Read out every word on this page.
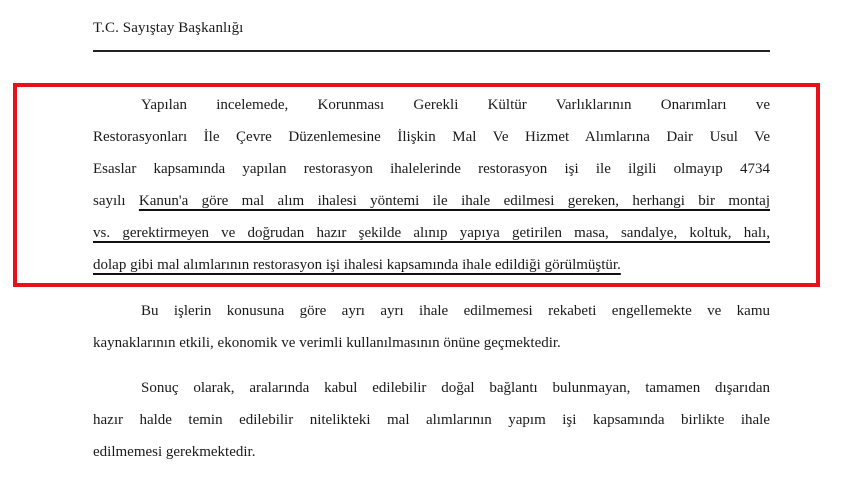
T.C. Sayıştay Başkanlığı
Yapılan incelemede, Korunması Gerekli Kültür Varlıklarının Onarımları ve
Restorasyonları İle Çevre Düzenlemesine İlişkin Mal Ve Hizmet Alımlarına Dair Usul Ve
Esaslar kapsamında yapılan restorasyon ihalelerinde restorasyon işi ile ilgili olmayıp 4734
sayılı Kanun'a göre mal alım ihalesi yöntemi ile ihale edilmesi gereken, herhangi bir montaj
vs. gerektirmeyen ve doğrudan hazır şekilde alınıp yapıya getirilen masa, sandalye, koltuk, halı,
dolap gibi mal alımlarının restorasyon işi ihalesi kapsamında ihale edildiği görülmüştür.
Bu işlerin konusuna göre ayrı ayrı ihale edilmemesi rekabeti engellemekte ve kamu
kaynaklarının etkili, ekonomik ve verimli kullanılmasının önüne geçmektedir.
Sonuç olarak, aralarında kabul edilebilir doğal bağlantı bulunmayan, tamamen dışarıdan
hazır halde temin edilebilir nitelikteki mal alımlarının yapım işi kapsamında birlikte ihale
edilmemesi gerekmektedir.
